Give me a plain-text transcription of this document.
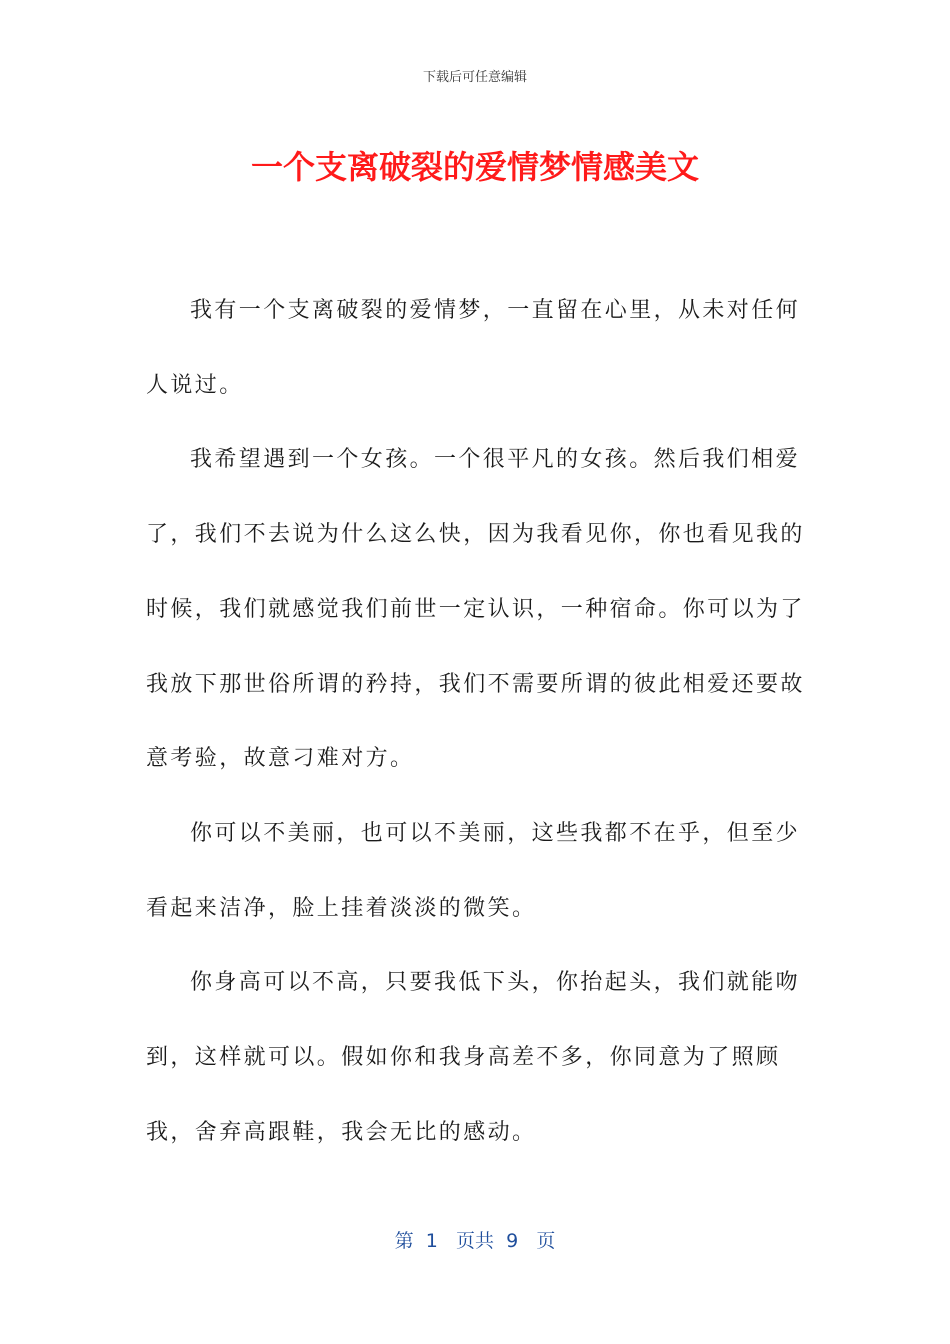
下载后可任意编辑
一个支离破裂的爱情梦情感美文

我有一个支离破裂的爱情梦，一直留在心里，从未对任何人说过。

我希望遇到一个女孩。一个很平凡的女孩。然后我们相爱了，我们不去说为什么这么快，因为我看见你，你也看见我的时候，我们就感觉我们前世一定认识，一种宿命。你可以为了我放下那世俗所谓的矜持，我们不需要所谓的彼此相爱还要故意考验，故意刁难对方。

你可以不美丽，也可以不美丽，这些我都不在乎，但至少看起来洁净，脸上挂着淡淡的微笑。

你身高可以不高，只要我低下头，你抬起头，我们就能吻到，这样就可以。假如你和我身高差不多，你同意为了照顾我，舍弃高跟鞋，我会无比的感动。

第 1 页共 9 页
